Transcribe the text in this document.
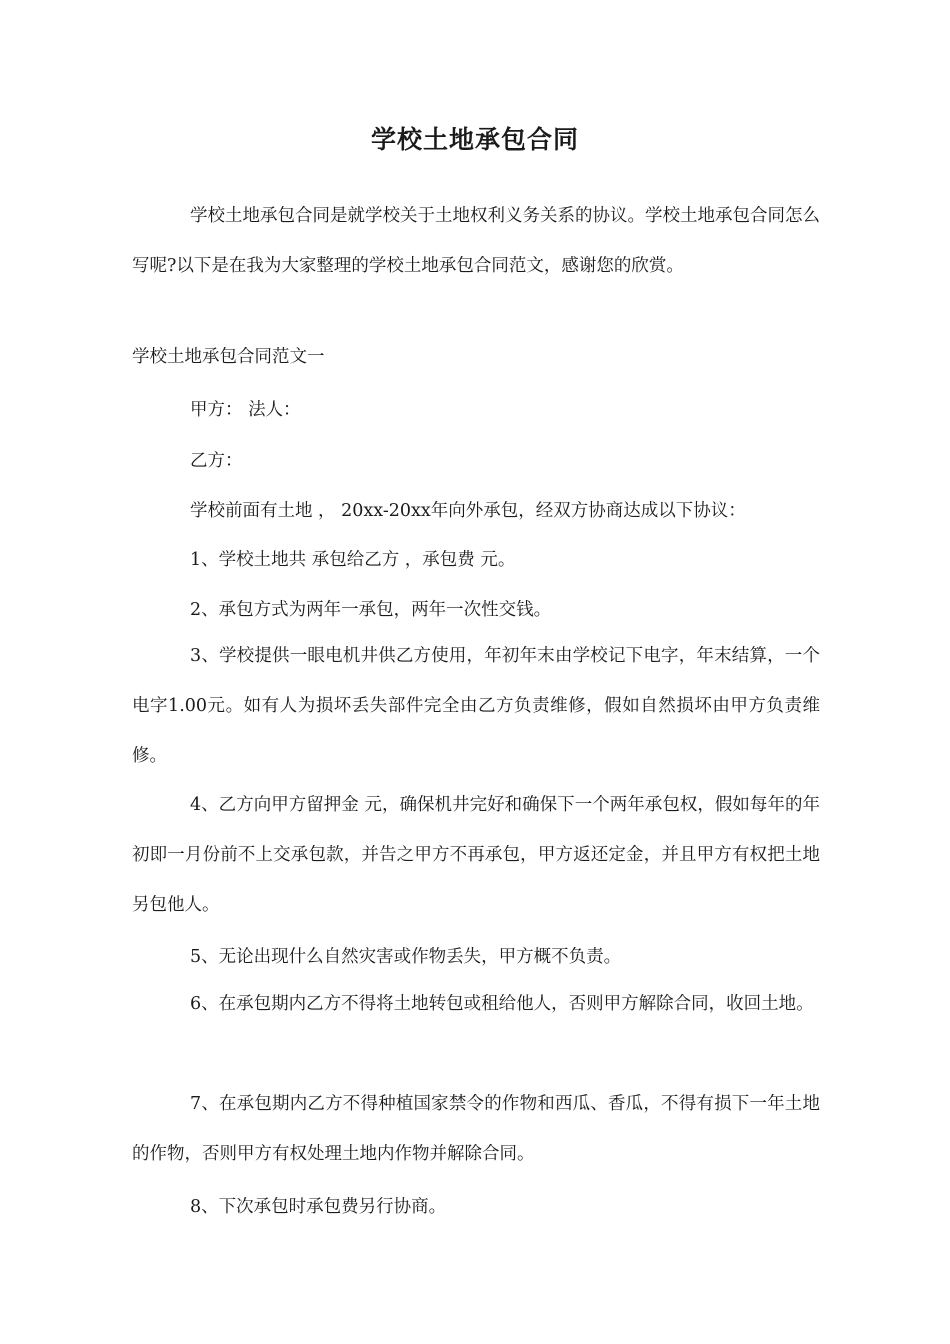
学校土地承包合同
学校土地承包合同是就学校关于土地权利义务关系的协议。学校土地承包合同怎么写呢?以下是在我为大家整理的学校土地承包合同范文，感谢您的欣赏。
学校土地承包合同范文一
甲方： 法人：
乙方：
学校前面有土地 ， 20xx-20xx年向外承包，经双方协商达成以下协议：
1、学校土地共 承包给乙方 ，承包费 元。
2、承包方式为两年一承包，两年一次性交钱。
3、学校提供一眼电机井供乙方使用，年初年末由学校记下电字，年末结算，一个电字1.00元。如有人为损坏丢失部件完全由乙方负责维修，假如自然损坏由甲方负责维修。
4、乙方向甲方留押金 元，确保机井完好和确保下一个两年承包权，假如每年的年初即一月份前不上交承包款，并告之甲方不再承包，甲方返还定金，并且甲方有权把土地另包他人。
5、无论出现什么自然灾害或作物丢失，甲方概不负责。
6、在承包期内乙方不得将土地转包或租给他人，否则甲方解除合同，收回土地。
7、在承包期内乙方不得种植国家禁令的作物和西瓜、香瓜，不得有损下一年土地的作物，否则甲方有权处理土地内作物并解除合同。
8、下次承包时承包费另行协商。
